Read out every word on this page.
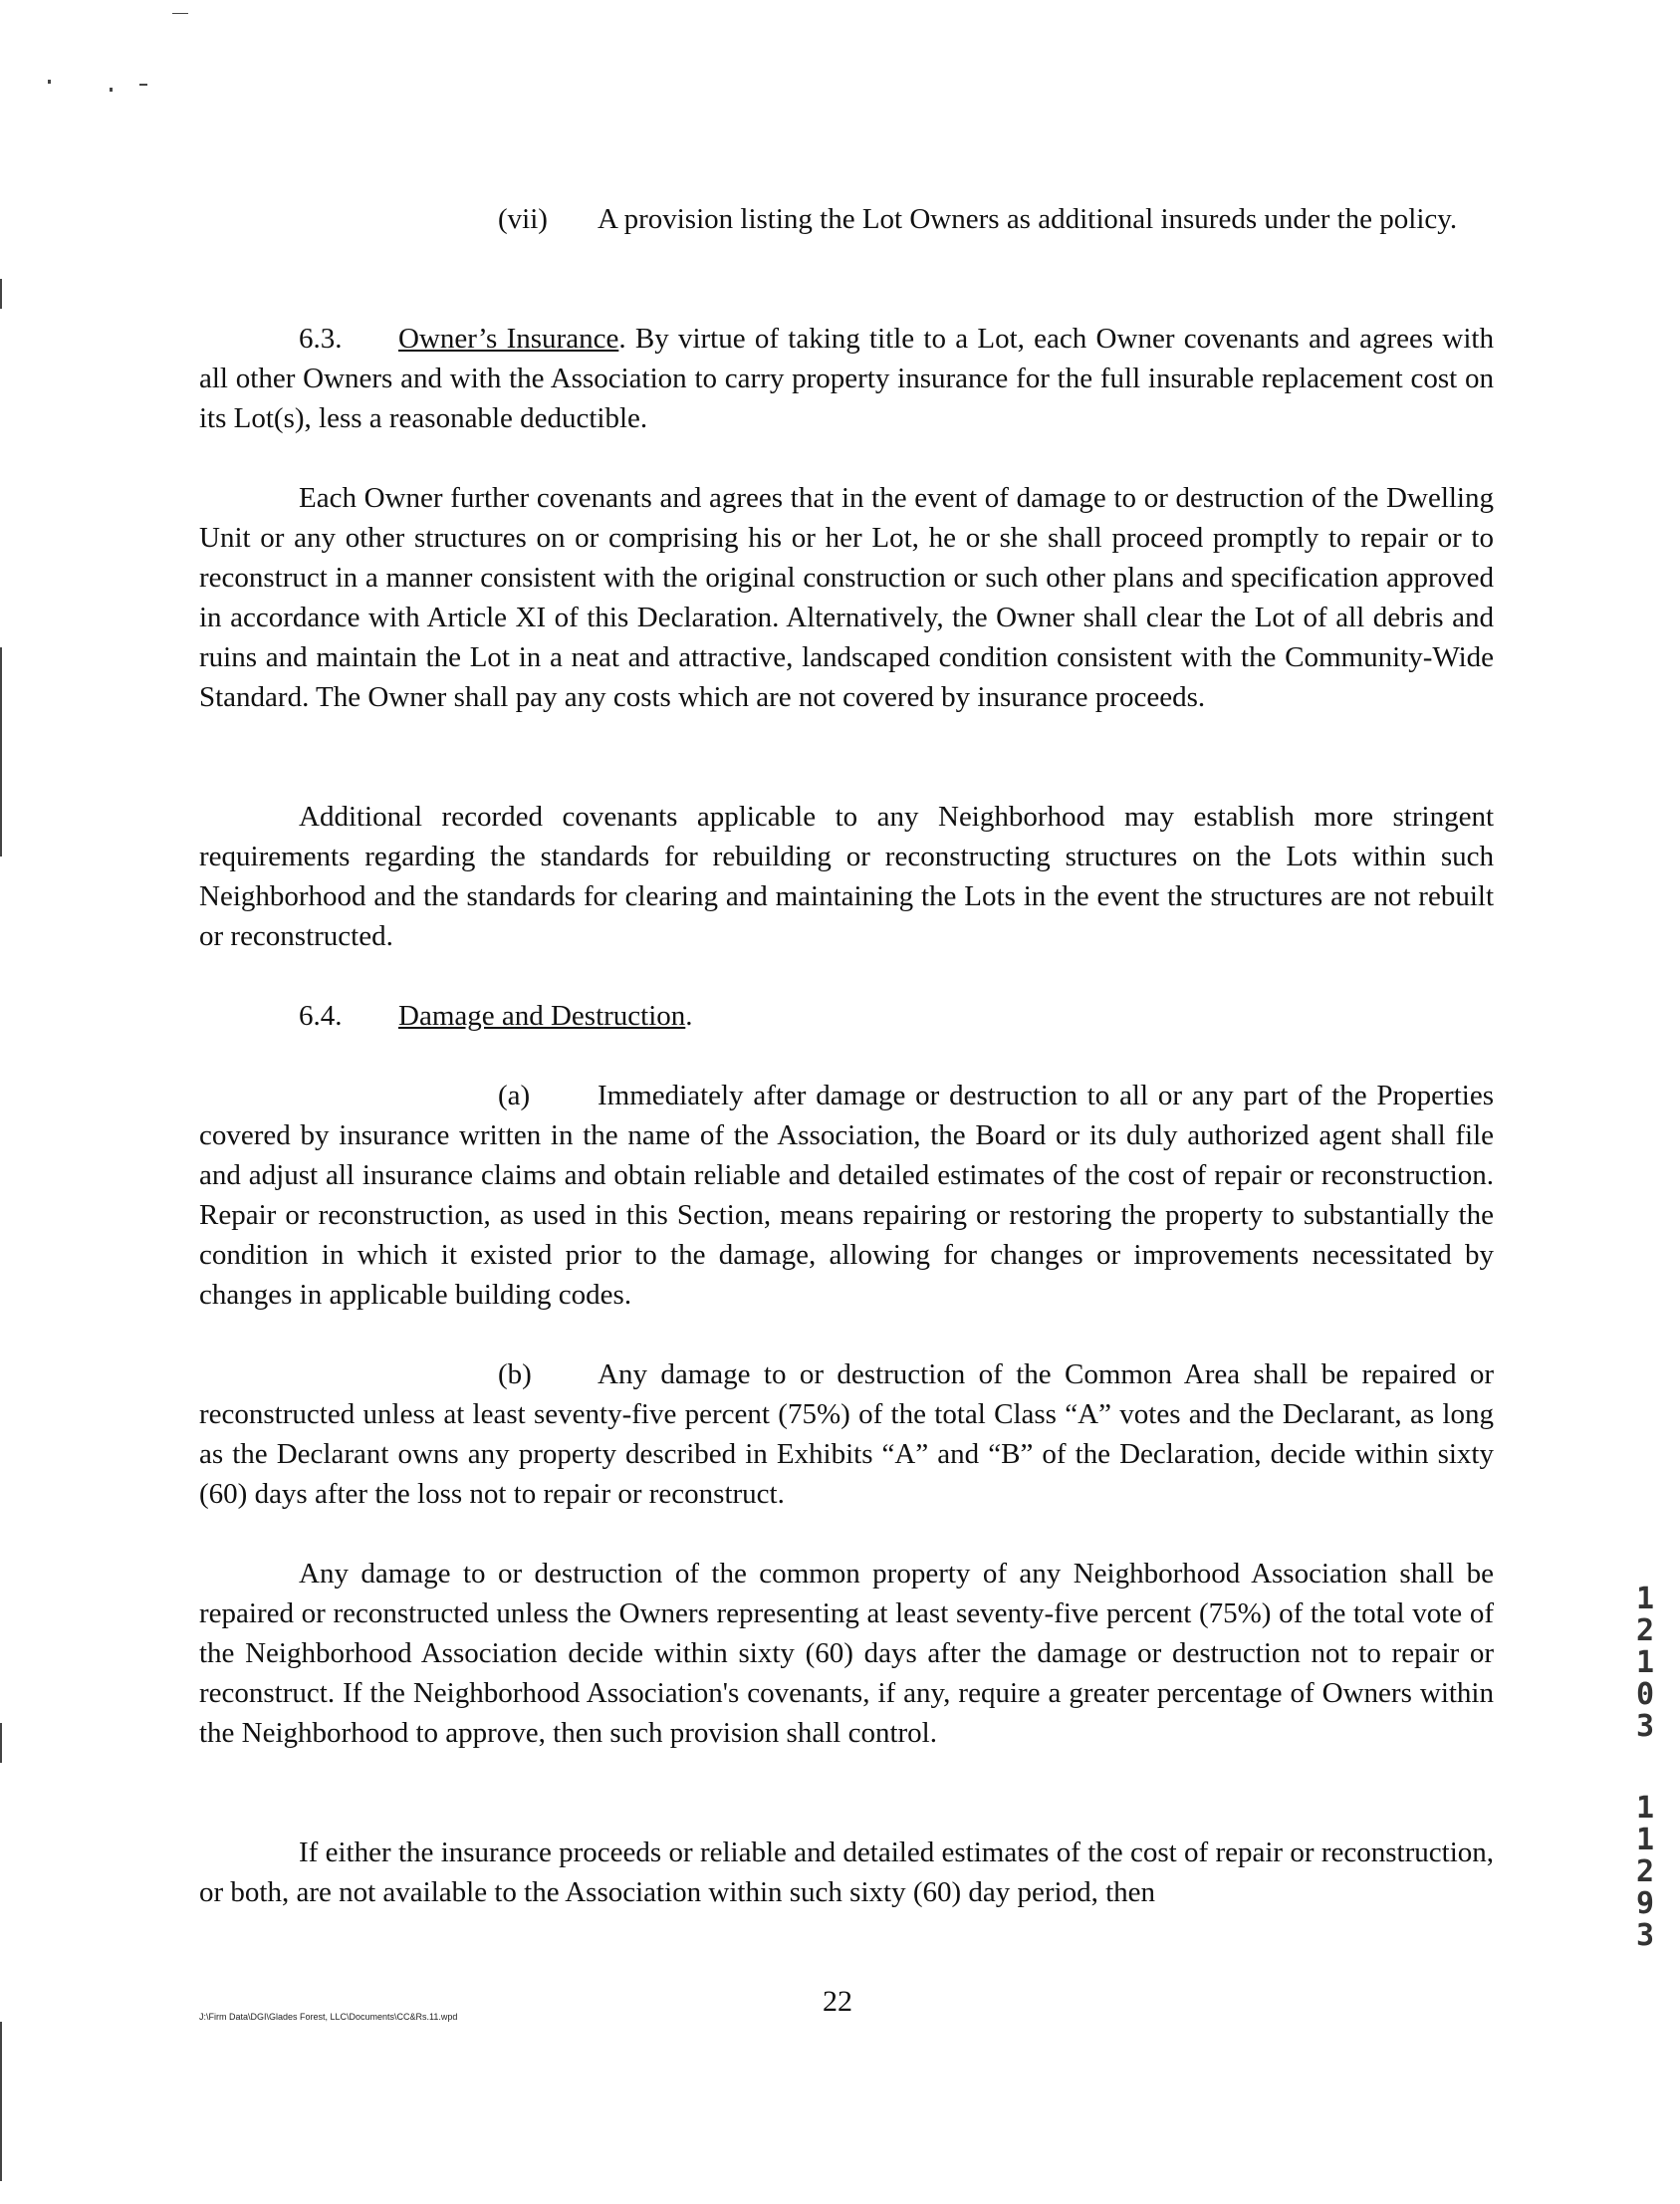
(vii) A provision listing the Lot Owners as additional insureds under the policy.

6.3. Owner’s Insurance. By virtue of taking title to a Lot, each Owner covenants and agrees with all other Owners and with the Association to carry property insurance for the full insurable replacement cost on its Lot(s), less a reasonable deductible.

Each Owner further covenants and agrees that in the event of damage to or destruction of the Dwelling Unit or any other structures on or comprising his or her Lot, he or she shall proceed promptly to repair or to reconstruct in a manner consistent with the original construction or such other plans and specification approved in accordance with Article XI of this Declaration. Alternatively, the Owner shall clear the Lot of all debris and ruins and maintain the Lot in a neat and attractive, landscaped condition consistent with the Community-Wide Standard. The Owner shall pay any costs which are not covered by insurance proceeds.

Additional recorded covenants applicable to any Neighborhood may establish more stringent requirements regarding the standards for rebuilding or reconstructing structures on the Lots within such Neighborhood and the standards for clearing and maintaining the Lots in the event the structures are not rebuilt or reconstructed.

6.4. Damage and Destruction.

(a) Immediately after damage or destruction to all or any part of the Properties covered by insurance written in the name of the Association, the Board or its duly authorized agent shall file and adjust all insurance claims and obtain reliable and detailed estimates of the cost of repair or reconstruction. Repair or reconstruction, as used in this Section, means repairing or restoring the property to substantially the condition in which it existed prior to the damage, allowing for changes or improvements necessitated by changes in applicable building codes.

(b) Any damage to or destruction of the Common Area shall be repaired or reconstructed unless at least seventy-five percent (75%) of the total Class “A” votes and the Declarant, as long as the Declarant owns any property described in Exhibits “A” and “B” of the Declaration, decide within sixty (60) days after the loss not to repair or reconstruct.

Any damage to or destruction of the common property of any Neighborhood Association shall be repaired or reconstructed unless the Owners representing at least seventy-five percent (75%) of the total vote of the Neighborhood Association decide within sixty (60) days after the damage or destruction not to repair or reconstruct. If the Neighborhood Association's covenants, if any, require a greater percentage of Owners within the Neighborhood to approve, then such provision shall control.

If either the insurance proceeds or reliable and detailed estimates of the cost of repair or reconstruction, or both, are not available to the Association within such sixty (60) day period, then

22
J:\Firm Data\DGI\Glades Forest, LLC\Documents\CC&Rs.11.wpd
1
2
1
0
3
1
1
2
9
3
